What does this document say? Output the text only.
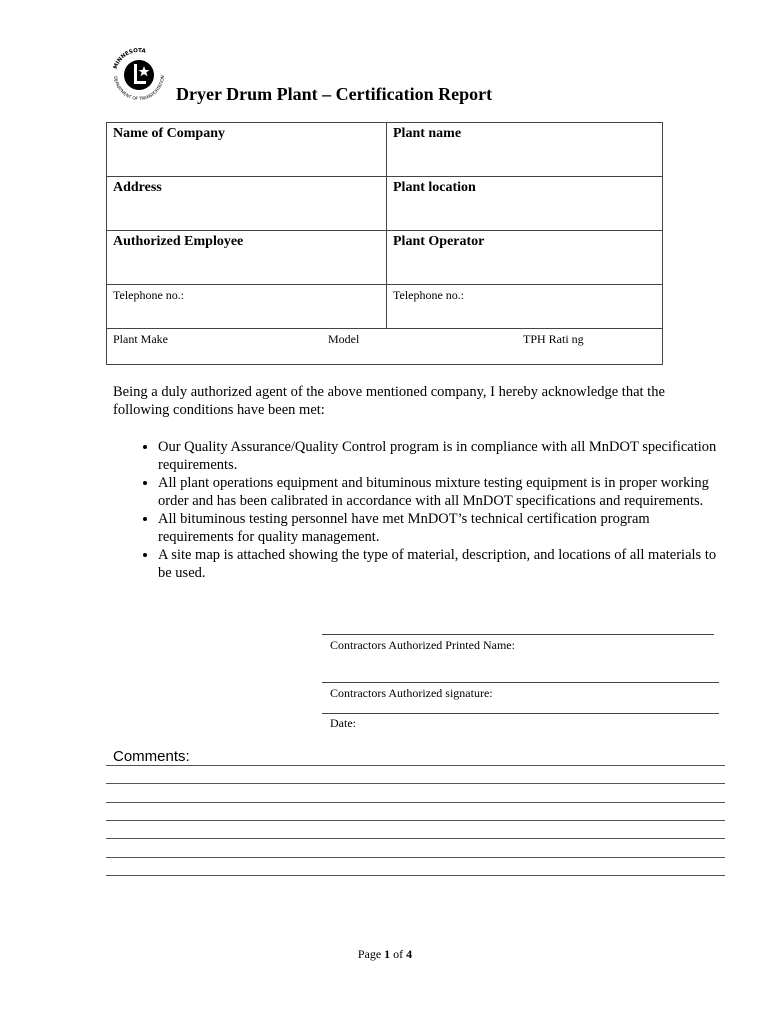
MINNESOTA
DEPARTMENT OF TRANSPORTATION
Dryer Drum Plant – Certification Report
Name of Company	Plant name
Address	Plant location
Authorized Employee	Plant Operator
Telephone no.:	Telephone no.:

Plant Make Model TPH Rati ng	
Being a duly authorized agent of the above mentioned company, I hereby acknowledge that the following conditions have been met:
• Our Quality Assurance/Quality Control program is in compliance with all MnDOT specification requirements.
• All plant operations equipment and bituminous mixture testing equipment is in proper working order and has been calibrated in accordance with all MnDOT specifications and requirements.
• All bituminous testing personnel have met MnDOT’s technical certification program requirements for quality management.
• A site map is attached showing the type of material, description, and locations of all materials to be used.
Contractors Authorized Printed Name:
Contractors Authorized signature:
Date:
Comments:
Page 1 of 4
